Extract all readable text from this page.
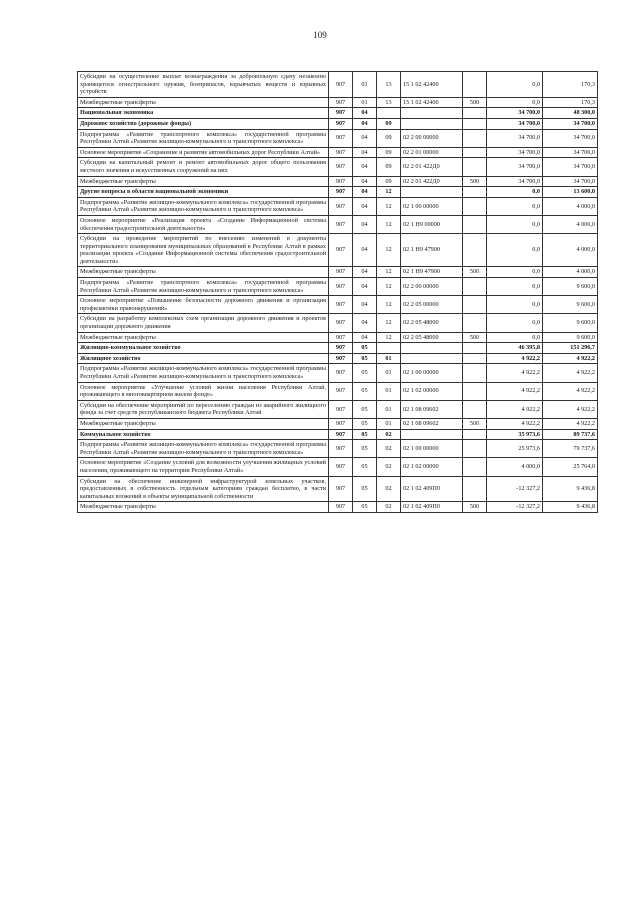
109
Субсидии на осуществление выплат вознаграждения за добровольную сдачу незаконно хранящегося огнестрельного оружия, боеприпасов, взрывчатых веществ и взрывных устройств	907	01	13	15 1 02 42400		0,0	170,3
Межбюджетные трансферты	907	01	13	15 1 02 42400	500	0,0	170,3
Национальная экономика	907	04				34 700,0	48 300,0
Дорожное хозяйство (дорожные фонды)	907	04	09			34 700,0	34 700,0
Подпрограмма «Развитие транспортного комплекса» государственной программы Республики Алтай «Развитие жилищно-коммунального и транспортного комплекса»	907	04	09	02 2 00 00000		34 700,0	34 700,0
Основное мероприятие «Сохранение и развитие автомобильных дорог Республики Алтай»	907	04	09	02 2 01 00000		34 700,0	34 700,0
Субсидии на капитальный ремонт и ремонт автомобильных дорог общего пользования местного значения и искусственных сооружений на них	907	04	09	02 2 01 422Д0		34 700,0	34 700,0
Межбюджетные трансферты	907	04	09	02 2 01 422Д0	500	34 700,0	34 700,0
Другие вопросы в области национальной экономики	907	04	12			0,0	13 600,0
Подпрограмма «Развитие жилищно-коммунального комплекса» государственной программы Республики Алтай «Развитие жилищно-коммунального и транспортного комплекса»	907	04	12	02 1 00 00000		0,0	4 000,0
Основное мероприятие «Реализация проекта «Создание Информационной системы обеспечения градостроительной деятельности»	907	04	12	02 1 Н9 00000		0,0	4 000,0
Субсидии на проведение мероприятий по внесению изменений в документы территориального планирования муниципальных образований в Республике Алтай в рамках реализации проекта «Создание Информационной системы обеспечения градостроительной деятельности»	907	04	12	02 1 Н9 47900		0,0	4 000,0
Межбюджетные трансферты	907	04	12	02 1 Н9 47900	500	0,0	4 000,0
Подпрограмма «Развитие транспортного комплекса» государственной программы Республики Алтай «Развитие жилищно-коммунального и транспортного комплекса»	907	04	12	02 2 00 00000		0,0	9 600,0
Основное мероприятие «Повышение безопасности дорожного движения и организация профилактики правонарушений»	907	04	12	02 2 05 00000		0,0	9 600,0
Субсидии на разработку комплексных схем организации дорожного движения и проектов организации дорожного движения	907	04	12	02 2 05 48000		0,0	9 600,0
Межбюджетные трансферты	907	04	12	02 2 05 48000	500	0,0	9 600,0
Жилищно-коммунальное хозяйство	907	05				46 395,8	151 296,7
Жилищное хозяйство	907	05	01			4 922,2	4 922,2
Подпрограмма «Развитие жилищно-коммунального комплекса» государственной программы Республики Алтай «Развитие жилищно-коммунального и транспортного комплекса»	907	05	01	02 1 00 00000		4 922,2	4 922,2
Основное мероприятие «Улучшение условий жизни населения Республики Алтай, проживающего в многоквартирном жилом фонде»	907	05	01	02 1 02 00000		4 922,2	4 922,2
Субсидии на обеспечение мероприятий по переселению граждан из аварийного жилищного фонда за счет средств республиканского бюджета Республики Алтай	907	05	01	02 1 08 09602		4 922,2	4 922,2
Межбюджетные трансферты	907	05	01	02 1 08 09602	500	4 922,2	4 922,2
Коммунальное хозяйство	907	05	02			35 973,6	89 737,6
Подпрограмма «Развитие жилищно-коммунального комплекса» государственной программы Республики Алтай «Развитие жилищно-коммунального и транспортного комплекса»	907	05	02	02 1 00 00000		25 973,6	79 737,6
Основное мероприятие «Создание условий для возможности улучшения жилищных условий населения, проживающего на территории Республики Алтай»	907	05	02	02 1 02 00000		4 000,0	25 764,0
Субсидии на обеспечение инженерной инфраструктурой земельных участков, предоставленных в собственность отдельным категориям граждан бесплатно, в части капитальных вложений в объекты муниципальной собственности	907	05	02	02 1 02 409П0		-12 327,2	9 436,8
Межбюджетные трансферты	907	05	02	02 1 02 409П0	500	-12 327,2	9 436,8
